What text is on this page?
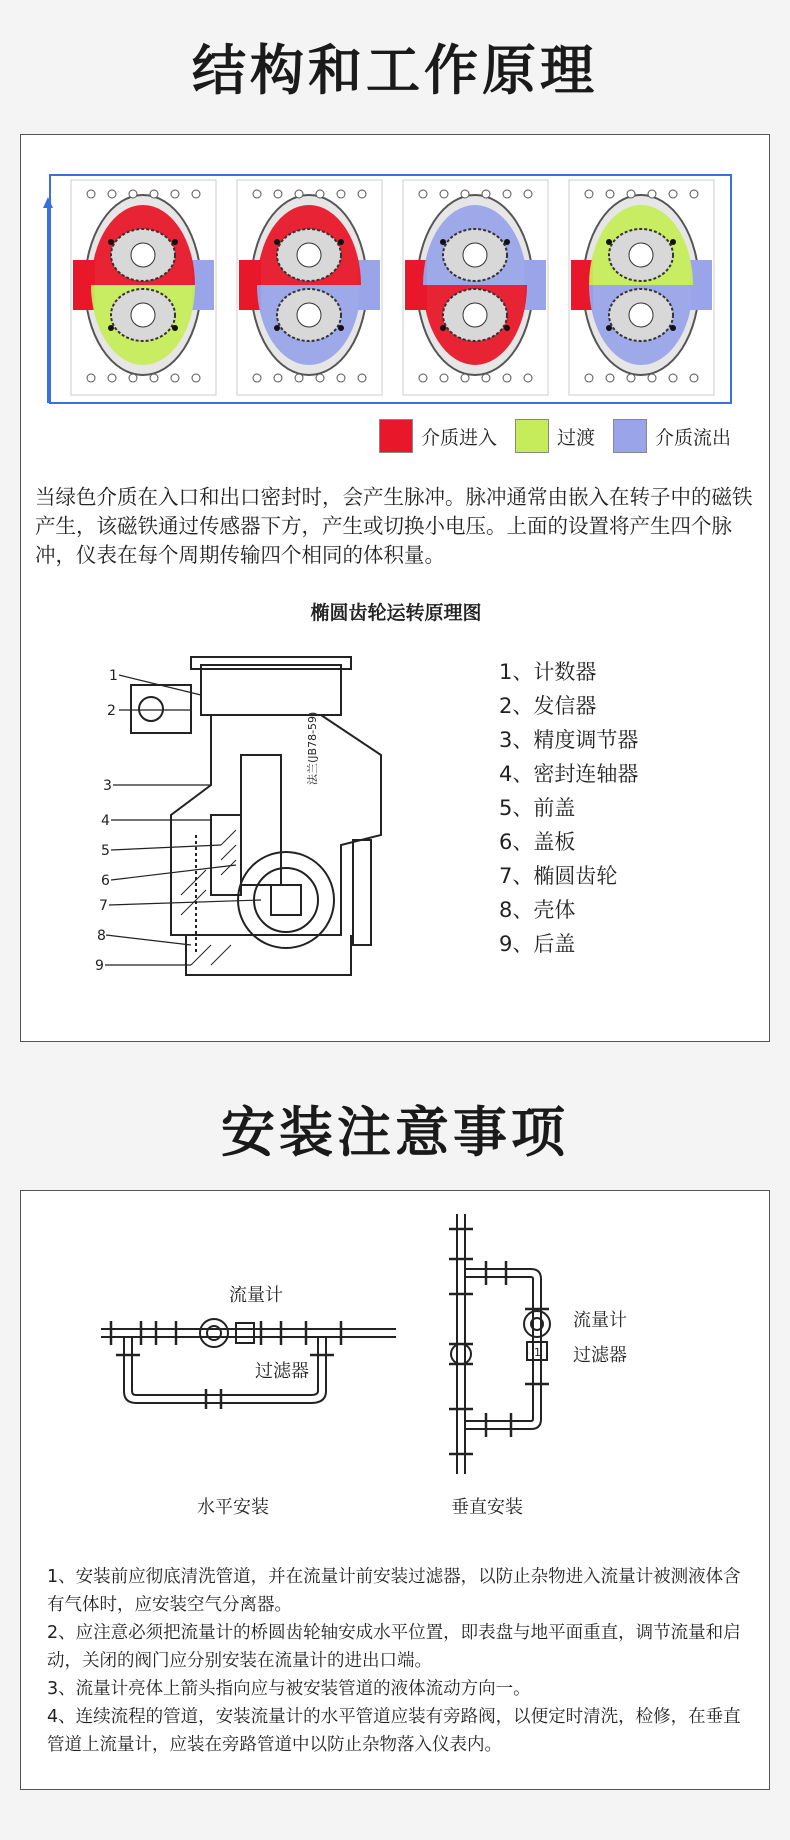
结构和工作原理
介质进入	过渡	介质流出
当绿色介质在入口和出口密封时，会产生脉冲。脉冲通常由嵌入在转子中的磁铁产生，该磁铁通过传感器下方，产生或切换小电压。上面的设置将产生四个脉冲，仪表在每个周期传输四个相同的体积量。
椭圆齿轮运转原理图
法兰(JB78-59)
1
2
3
4
5
6
7
8
9
1、计数器
2、发信器
3、精度调节器
4、密封连轴器
5、前盖
6、盖板
7、椭圆齿轮
8、壳体
9、后盖
安装注意事项
流量计
过滤器
水平安装
1
流量计
过滤器
垂直安装
1、安装前应彻底清洗管道，并在流量计前安装过滤器，以防止杂物进入流量计被测液体含有气体时，应安装空气分离器。
2、应注意必须把流量计的桥圆齿轮轴安成水平位置，即表盘与地平面重直，调节流量和启动，关闭的阀门应分别安装在流量计的进出口端。
3、流量计亮体上箭头指向应与被安装管道的液体流动方向一。
4、连续流程的管道，安装流量计的水平管道应装有旁路阀，以便定时清洗，检修，在垂直管道上流量计，应装在旁路管道中以防止杂物落入仪表内。
